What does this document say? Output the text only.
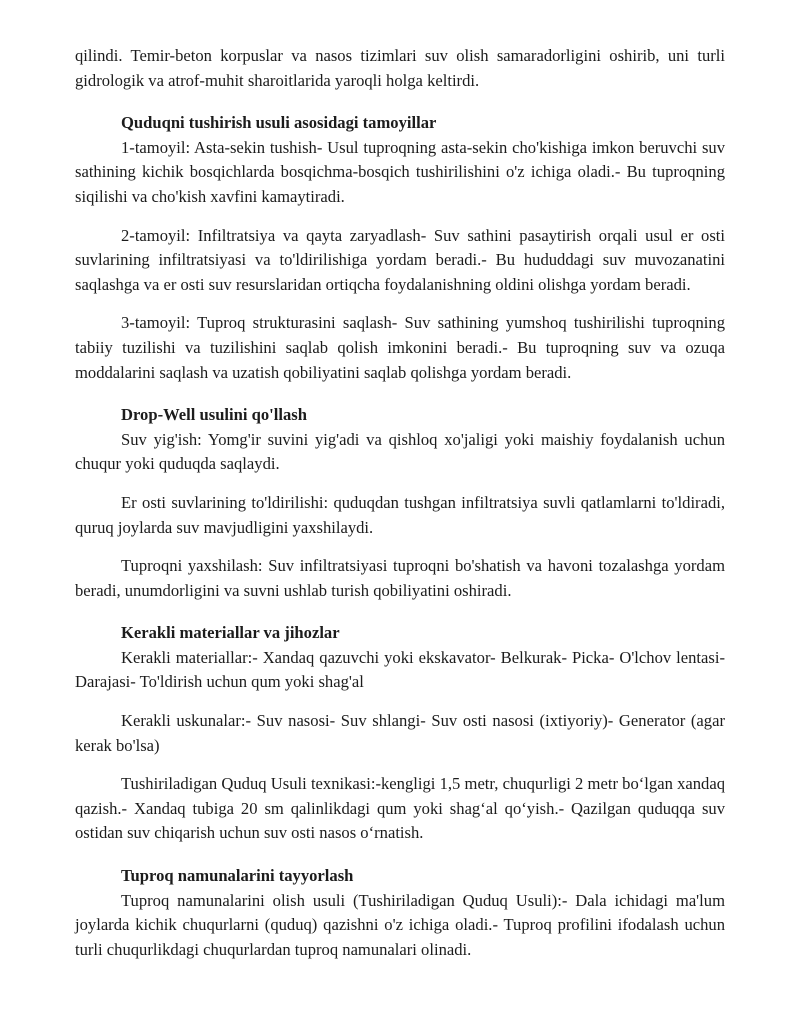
qilindi. Temir-beton korpuslar va nasos tizimlari suv olish samaradorligini oshirib, uni turli gidrologik va atrof-muhit sharoitlarida yaroqli holga keltirdi.

Quduqni tushirish usuli asosidagi tamoyillar

1-tamoyil: Asta-sekin tushish- Usul tuproqning asta-sekin cho'kishiga imkon beruvchi suv sathining kichik bosqichlarda bosqichma-bosqich tushirilishini o'z ichiga oladi.- Bu tuproqning siqilishi va cho'kish xavfini kamaytiradi.

2-tamoyil: Infiltratsiya va qayta zaryadlash- Suv sathini pasaytirish orqali usul er osti suvlarining infiltratsiyasi va to'ldirilishiga yordam beradi.- Bu hududdagi suv muvozanatini saqlashga va er osti suv resurslaridan ortiqcha foydalanishning oldini olishga yordam beradi.

3-tamoyil: Tuproq strukturasini saqlash- Suv sathining yumshoq tushirilishi tuproqning tabiiy tuzilishi va tuzilishini saqlab qolish imkonini beradi.- Bu tuproqning suv va ozuqa moddalarini saqlash va uzatish qobiliyatini saqlab qolishga yordam beradi.

Drop-Well usulini qo'llash

Suv yig'ish: Yomg'ir suvini yig'adi va qishloq xo'jaligi yoki maishiy foydalanish uchun chuqur yoki quduqda saqlaydi.

Er osti suvlarining to'ldirilishi: quduqdan tushgan infiltratsiya suvli qatlamlarni to'ldiradi, quruq joylarda suv mavjudligini yaxshilaydi.

Tuproqni yaxshilash: Suv infiltratsiyasi tuproqni bo'shatish va havoni tozalashga yordam beradi, unumdorligini va suvni ushlab turish qobiliyatini oshiradi.

Kerakli materiallar va jihozlar

Kerakli materiallar:- Xandaq qazuvchi yoki ekskavator- Belkurak- Picka- O'lchov lentasi- Darajasi- To'ldirish uchun qum yoki shag'al

Kerakli uskunalar:- Suv nasosi- Suv shlangi- Suv osti nasosi (ixtiyoriy)- Generator (agar kerak bo'lsa)

Tushiriladigan Quduq Usuli texnikasi:-kengligi 1,5 metr, chuqurligi 2 metr bo‘lgan xandaq qazish.- Xandaq tubiga 20 sm qalinlikdagi qum yoki shag‘al qo‘yish.- Qazilgan quduqqa suv ostidan suv chiqarish uchun suv osti nasos o‘rnatish.

Tuproq namunalarini tayyorlash

Tuproq namunalarini olish usuli (Tushiriladigan Quduq Usuli):- Dala ichidagi ma'lum joylarda kichik chuqurlarni (quduq) qazishni o'z ichiga oladi.- Tuproq profilini ifodalash uchun turli chuqurlikdagi chuqurlardan tuproq namunalari olinadi.
